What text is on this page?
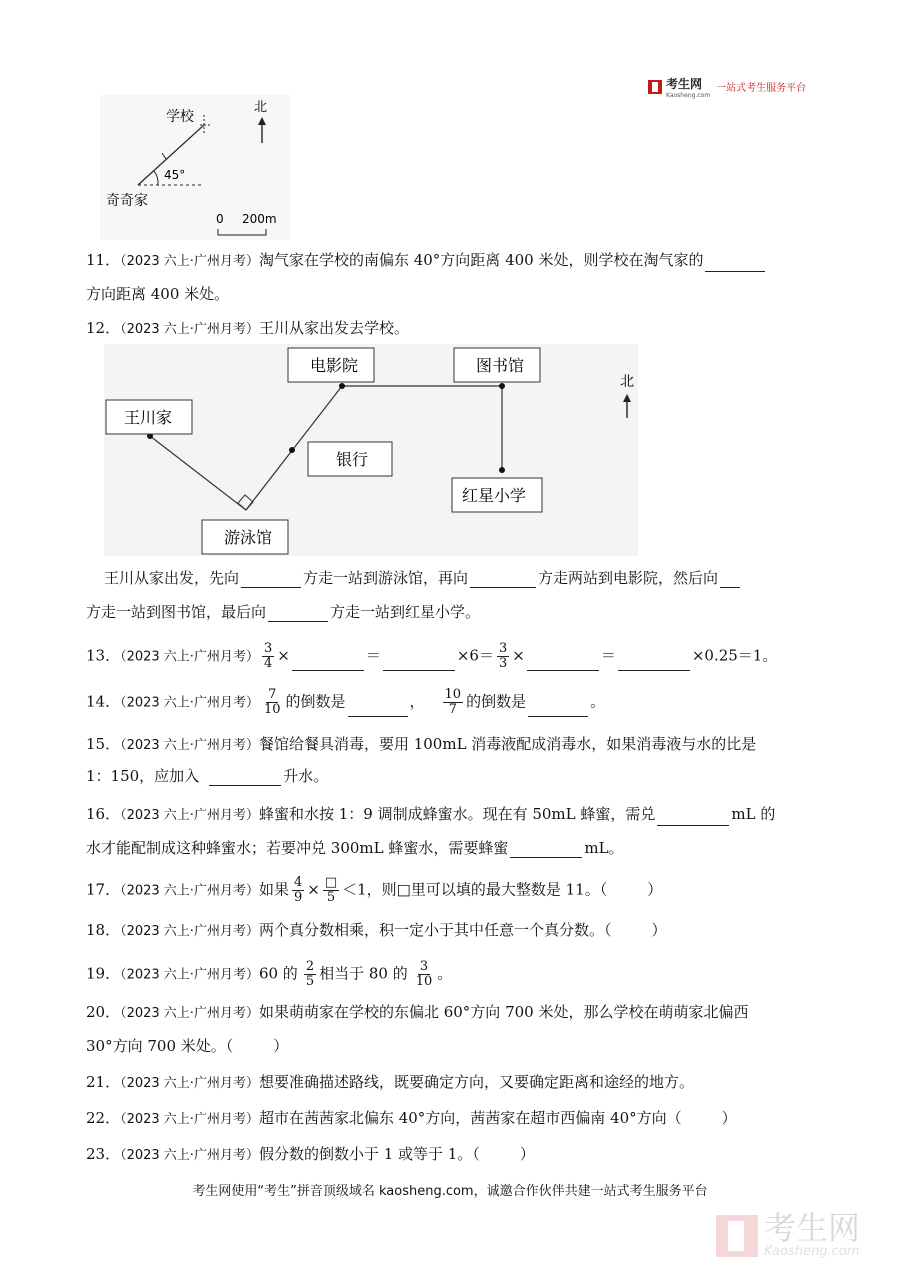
考生网
Kaosheng.com
一站式考生服务平台
学校
45°
奇奇家
北
0 200m
11．（2023 六上·广州月考）淘气家在学校的南偏东 40°方向距离 400 米处，则学校在淘气家的
方向距离 400 米处。
12．（2023 六上·广州月考）王川从家出发去学校。
王川家
电影院	图书馆
银行
游泳馆
红星小学
北
王川从家出发，先向	方走一站到游泳馆，再向	方走两站到电影院，然后向
方走一站到图书馆，最后向	方走一站到红星小学。
13．（2023 六上·广州月考） $\frac{3}{4}$ ×	＝	$\times 6= \frac{3}{3}$ ×	＝	×0.25＝1。
14．（2023 六上·广州月考） $\frac{7}{10}$ 的倒数是	， $\frac{10}{7}$ 的倒数是	。
15．（2023 六上·广州月考）餐馆给餐具消毒，要用 100mL 消毒液配成消毒水，如果消毒液与水的比是
1：150，应加入	升水。
16．（2023 六上·广州月考）蜂蜜和水按 1：9 调制成蜂蜜水。现在有 50mL 蜂蜜，需兑	mL 的
水才能配制成这种蜂蜜水；若要冲兑 300mL 蜂蜜水，需要蜂蜜	mL。
17．（2023 六上·广州月考）如果 $\frac{4}{9} \times \frac{□}{5} <1$，则□里可以填的最大整数是 11。（	）
18．（2023 六上·广州月考）两个真分数相乘，积一定小于其中任意一个真分数。（	）
19．（2023 六上·广州月考）60 的 $\frac{2}{5}$ 相当于 80 的 $\frac{3}{10}$ 。
20．（2023 六上·广州月考）如果萌萌家在学校的东偏北 60°方向 700 米处，那么学校在萌萌家北偏西
30°方向 700 米处。（	）
21．（2023 六上·广州月考）想要准确描述路线，既要确定方向，又要确定距离和途经的地方。
22．（2023 六上·广州月考）超市在茜茜家北偏东 40°方向，茜茜家在超市西偏南 40°方向（	）
23．（2023 六上·广州月考）假分数的倒数小于 1 或等于 1。（	）
考生网使用“考生”拼音顶级域名 kaosheng.com，诚邀合作伙伴共建一站式考生服务平台
考生网
Kaosheng.com
